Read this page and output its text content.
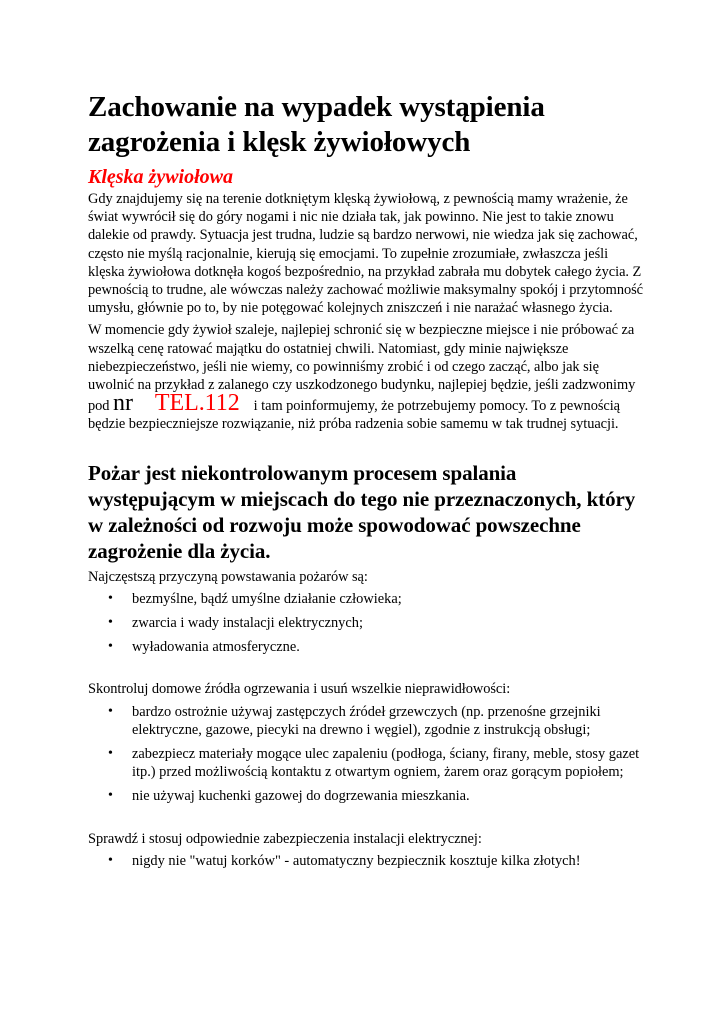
Zachowanie na wypadek wystąpienia zagrożenia i klęsk żywiołowych
Klęska żywiołowa

Gdy znajdujemy się na terenie dotkniętym klęską żywiołową, z pewnością mamy wrażenie, że świat wywrócił się do góry nogami i nic nie działa tak, jak powinno. Nie jest to takie znowu dalekie od prawdy. Sytuacja jest trudna, ludzie są bardzo nerwowi, nie wiedza jak się zachować, często nie myślą racjonalnie, kierują się emocjami. To zupełnie zrozumiałe, zwłaszcza jeśli klęska żywiołowa dotknęła kogoś bezpośrednio, na przykład zabrała mu dobytek całego życia. Z pewnością to trudne, ale wówczas należy zachować możliwie maksymalny spokój i przytomność umysłu, głównie po to, by nie potęgować kolejnych zniszczeń i nie narażać własnego życia.

W momencie gdy żywioł szaleje, najlepiej schronić się w bezpieczne miejsce i nie próbować za wszelką cenę ratować majątku do ostatniej chwili. Natomiast, gdy minie największe niebezpieczeństwo, jeśli nie wiemy, co powinniśmy zrobić i od czego zacząć, albo jak się uwolnić na przykład z zalanego czy uszkodzonego budynku, najlepiej będzie, jeśli zadzwonimy pod nr TEL.112 i tam poinformujemy, że potrzebujemy pomocy. To z pewnością będzie bezpieczniejsze rozwiązanie, niż próba radzenia sobie samemu w tak trudnej sytuacji.

Pożar jest niekontrolowanym procesem spalania występującym w miejscach do tego nie przeznaczonych, który w zależności od rozwoju może spowodować powszechne zagrożenie dla życia.

Najczęstszą przyczyną powstawania pożarów są:

• bezmyślne, bądź umyślne działanie człowieka;
• zwarcia i wady instalacji elektrycznych;
• wyładowania atmosferyczne.

Skontroluj domowe źródła ogrzewania i usuń wszelkie nieprawidłowości:

• bardzo ostrożnie używaj zastępczych źródeł grzewczych (np. przenośne grzejniki elektryczne, gazowe, piecyki na drewno i węgiel), zgodnie z instrukcją obsługi;
• zabezpiecz materiały mogące ulec zapaleniu (podłoga, ściany, firany, meble, stosy gazet itp.) przed możliwością kontaktu z otwartym ogniem, żarem oraz gorącym popiołem;
• nie używaj kuchenki gazowej do dogrzewania mieszkania.

Sprawdź i stosuj odpowiednie zabezpieczenia instalacji elektrycznej:

• nigdy nie "watuj korków" - automatyczny bezpiecznik kosztuje kilka złotych!
